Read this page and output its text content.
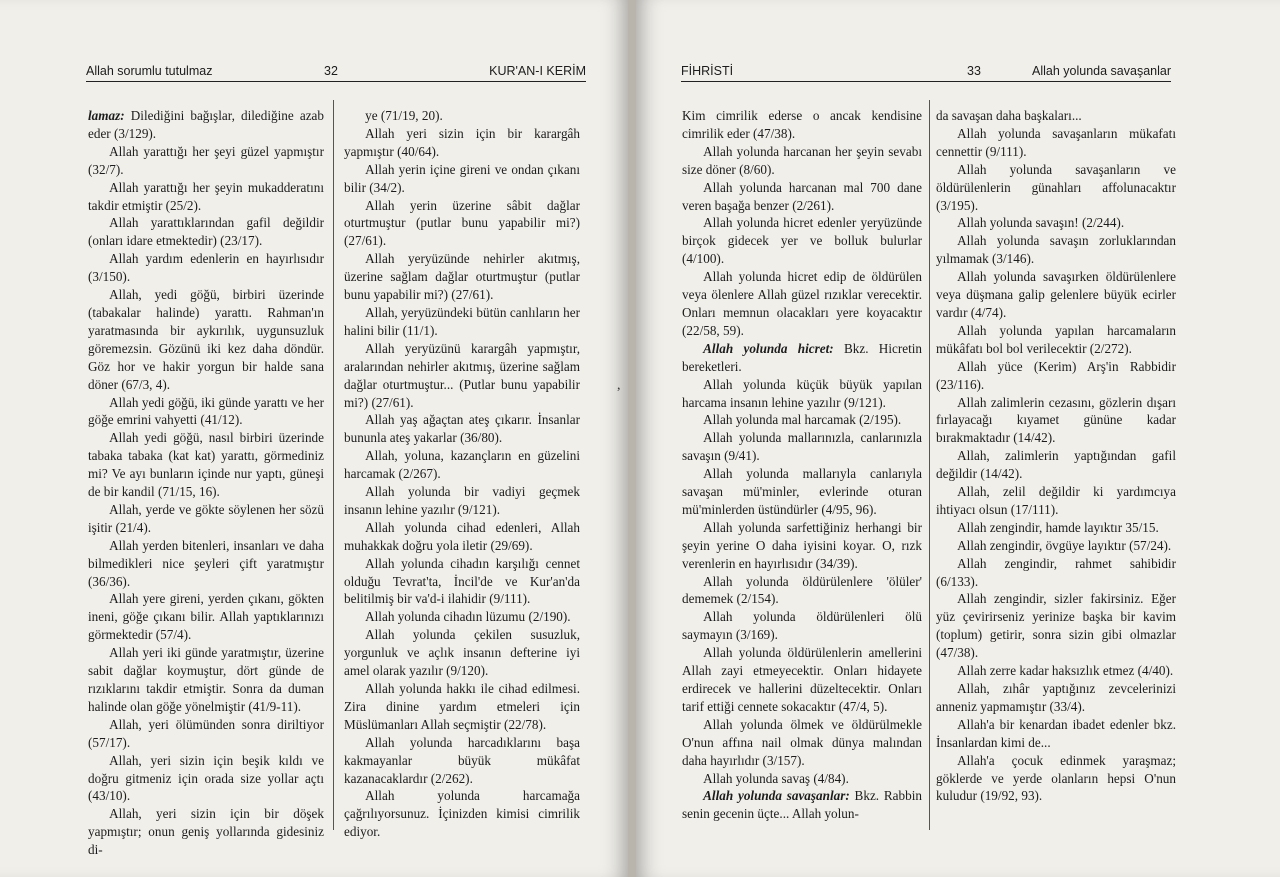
Allah sorumlu tutulmaz	32	KUR'AN-I KERİM

lamaz: Dilediğini bağışlar, dilediğine azab eder (3/129).

Allah yarattığı her şeyi güzel yapmıştır (32/7).

Allah yarattığı her şeyin mukadderatını takdir etmiştir (25/2).

Allah yarattıklarından gafil değildir (onları idare etmektedir) (23/17).

Allah yardım edenlerin en hayırlısıdır (3/150).

Allah, yedi göğü, birbiri üzerinde (tabakalar halinde) yarattı. Rahman'ın yaratmasında bir aykırılık, uygunsuzluk göremezsin. Gözünü iki kez daha döndür. Göz hor ve hakir yorgun bir halde sana döner (67/3, 4).

Allah yedi göğü, iki günde yarattı ve her göğe emrini vahyetti (41/12).

Allah yedi göğü, nasıl birbiri üzerinde tabaka tabaka (kat kat) yarattı, görmediniz mi? Ve ayı bunların içinde nur yaptı, güneşi de bir kandil (71/15, 16).

Allah, yerde ve gökte söylenen her sözü işitir (21/4).

Allah yerden bitenleri, insanları ve daha bilmedikleri nice şeyleri çift yaratmıştır (36/36).

Allah yere gireni, yerden çıkanı, gökten ineni, göğe çıkanı bilir. Allah yaptıklarınızı görmektedir (57/4).

Allah yeri iki günde yaratmıştır, üzerine sabit dağlar koymuştur, dört günde de rızıklarını takdir etmiştir. Sonra da duman halinde olan göğe yönelmiştir (41/9-11).

Allah, yeri ölümünden sonra diriltiyor (57/17).

Allah, yeri sizin için beşik kıldı ve doğru gitmeniz için orada size yollar açtı (43/10).

Allah, yeri sizin için bir döşek yapmıştır; onun geniş yollarında gidesiniz di-

ye (71/19, 20).

Allah yeri sizin için bir karargâh yapmıştır (40/64).

Allah yerin içine gireni ve ondan çıkanı bilir (34/2).

Allah yerin üzerine sâbit dağlar oturtmuştur (putlar bunu yapabilir mi?) (27/61).

Allah yeryüzünde nehirler akıtmış, üzerine sağlam dağlar oturtmuştur (putlar bunu yapabilir mi?) (27/61).

Allah, yeryüzündeki bütün canlıların her halini bilir (11/1).

Allah yeryüzünü karargâh yapmıştır, aralarından nehirler akıtmış, üzerine sağlam dağlar oturtmuştur... (Putlar bunu yapabilir mi?) (27/61).

Allah yaş ağaçtan ateş çıkarır. İnsanlar bununla ateş yakarlar (36/80).

Allah, yoluna, kazançların en güzelini harcamak (2/267).

Allah yolunda bir vadiyi geçmek insanın lehine yazılır (9/121).

Allah yolunda cihad edenleri, Allah muhakkak doğru yola iletir (29/69).

Allah yolunda cihadın karşılığı cennet olduğu Tevrat'ta, İncil'de ve Kur'an'da belitilmiş bir va'd-i ilahidir (9/111).

Allah yolunda cihadın lüzumu (2/190).

Allah yolunda çekilen susuzluk, yorgunluk ve açlık insanın defterine iyi amel olarak yazılır (9/120).

Allah yolunda hakkı ile cihad edilmesi. Zira dinine yardım etmeleri için Müslümanları Allah seçmiştir (22/78).

Allah yolunda harcadıklarını başa kakmayanlar büyük mükâfat kazanacaklardır (2/262).

Allah yolunda harcamağa çağrılıyorsunuz. İçinizden kimisi cimrilik ediyor.

FİHRİSTİ	33	Allah yolunda savaşanlar

Kim cimrilik ederse o ancak kendisine cimrilik eder (47/38).

Allah yolunda harcanan her şeyin sevabı size döner (8/60).

Allah yolunda harcanan mal 700 dane veren başağa benzer (2/261).

Allah yolunda hicret edenler yeryüzünde birçok gidecek yer ve bolluk bulurlar (4/100).

Allah yolunda hicret edip de öldürülen veya ölenlere Allah güzel rızıklar verecektir. Onları memnun olacakları yere koyacaktır (22/58, 59).

Allah yolunda hicret: Bkz. Hicretin bereketleri.

Allah yolunda küçük büyük yapılan harcama insanın lehine yazılır (9/121).

Allah yolunda mal harcamak (2/195).

Allah yolunda mallarınızla, canlarınızla savaşın (9/41).

Allah yolunda mallarıyla canlarıyla savaşan mü'minler, evlerinde oturan mü'minlerden üstündürler (4/95, 96).

Allah yolunda sarfettiğiniz herhangi bir şeyin yerine O daha iyisini koyar. O, rızk verenlerin en hayırlısıdır (34/39).

Allah yolunda öldürülenlere 'ölüler' dememek (2/154).

Allah yolunda öldürülenleri ölü saymayın (3/169).

Allah yolunda öldürülenlerin amellerini Allah zayi etmeyecektir. Onları hidayete erdirecek ve hallerini düzeltecektir. Onları tarif ettiği cennete sokacaktır (47/4, 5).

Allah yolunda ölmek ve öldürülmekle O'nun affına nail olmak dünya malından daha hayırlıdır (3/157).

Allah yolunda savaş (4/84).

Allah yolunda savaşanlar: Bkz. Rabbin senin gecenin üçte... Allah yolun-

da savaşan daha başkaları...

Allah yolunda savaşanların mükafatı cennettir (9/111).

Allah yolunda savaşanların ve öldürülenlerin günahları affolunacaktır (3/195).

Allah yolunda savaşın! (2/244).

Allah yolunda savaşın zorluklarından yılmamak (3/146).

Allah yolunda savaşırken öldürülenlere veya düşmana galip gelenlere büyük ecirler vardır (4/74).

Allah yolunda yapılan harcamaların mükâfatı bol bol verilecektir (2/272).

Allah yüce (Kerim) Arş'in Rabbidir (23/116).

Allah zalimlerin cezasını, gözlerin dışarı fırlayacağı kıyamet gününe kadar bırakmaktadır (14/42).

Allah, zalimlerin yaptığından gafil değildir (14/42).

Allah, zelil değildir ki yardımcıya ihtiyacı olsun (17/111).

Allah zengindir, hamde layıktır 35/15.

Allah zengindir, övgüye layıktır (57/24).

Allah zengindir, rahmet sahibidir (6/133).

Allah zengindir, sizler fakirsiniz. Eğer yüz çevirirseniz yerinize başka bir kavim (toplum) getirir, sonra sizin gibi olmazlar (47/38).

Allah zerre kadar haksızlık etmez (4/40).

Allah, zıhâr yaptığınız zevcelerinizi anneniz yapmamıştır (33/4).

Allah'a bir kenardan ibadet edenler bkz. İnsanlardan kimi de...

Allah'a çocuk edinmek yaraşmaz; göklerde ve yerde olanların hepsi O'nun kuludur (19/92, 93).

,
